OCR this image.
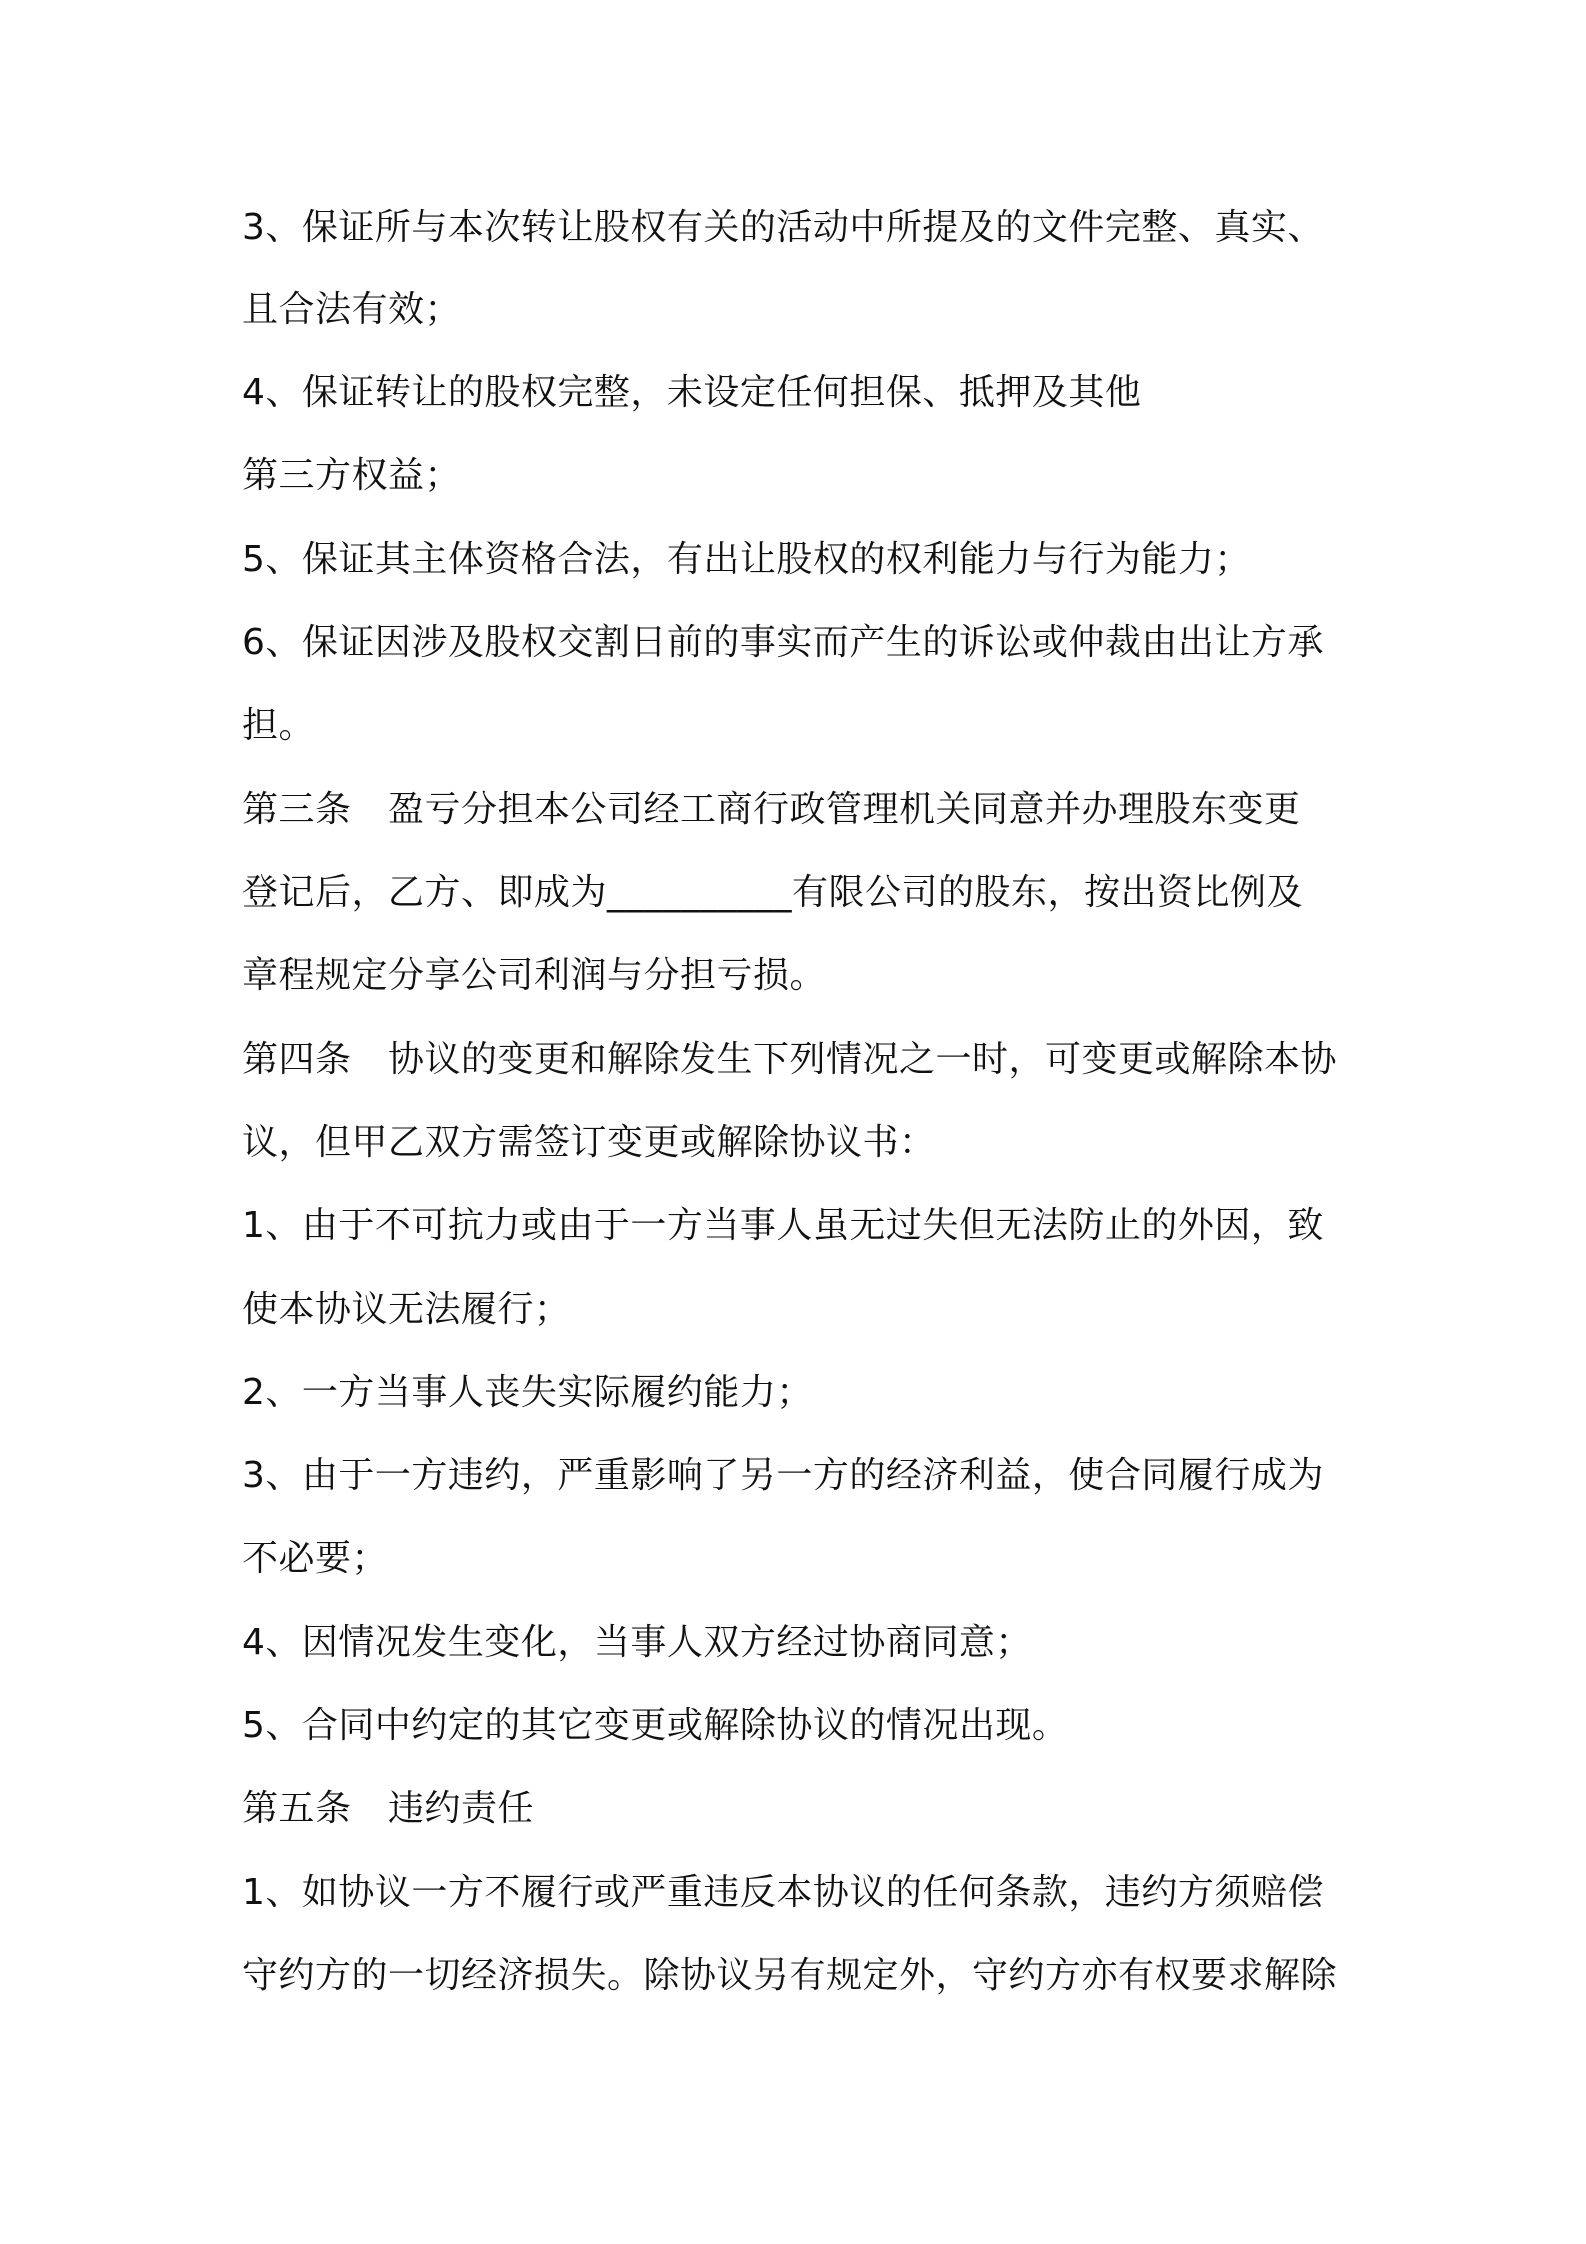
3、保证所与本次转让股权有关的活动中所提及的文件完整、真实、
且合法有效；
4、保证转让的股权完整，未设定任何担保、抵押及其他
第三方权益；
5、保证其主体资格合法，有出让股权的权利能力与行为能力；
6、保证因涉及股权交割日前的事实而产生的诉讼或仲裁由出让方承
担。
第三条　盈亏分担本公司经工商行政管理机关同意并办理股东变更
登记后，乙方、即成为__________有限公司的股东，按出资比例及
章程规定分享公司利润与分担亏损。
第四条　协议的变更和解除发生下列情况之一时，可变更或解除本协
议，但甲乙双方需签订变更或解除协议书：
1、由于不可抗力或由于一方当事人虽无过失但无法防止的外因，致
使本协议无法履行；
2、一方当事人丧失实际履约能力；
3、由于一方违约，严重影响了另一方的经济利益，使合同履行成为
不必要；
4、因情况发生变化，当事人双方经过协商同意；
5、合同中约定的其它变更或解除协议的情况出现。
第五条　违约责任
1、如协议一方不履行或严重违反本协议的任何条款，违约方须赔偿
守约方的一切经济损失。除协议另有规定外，守约方亦有权要求解除
